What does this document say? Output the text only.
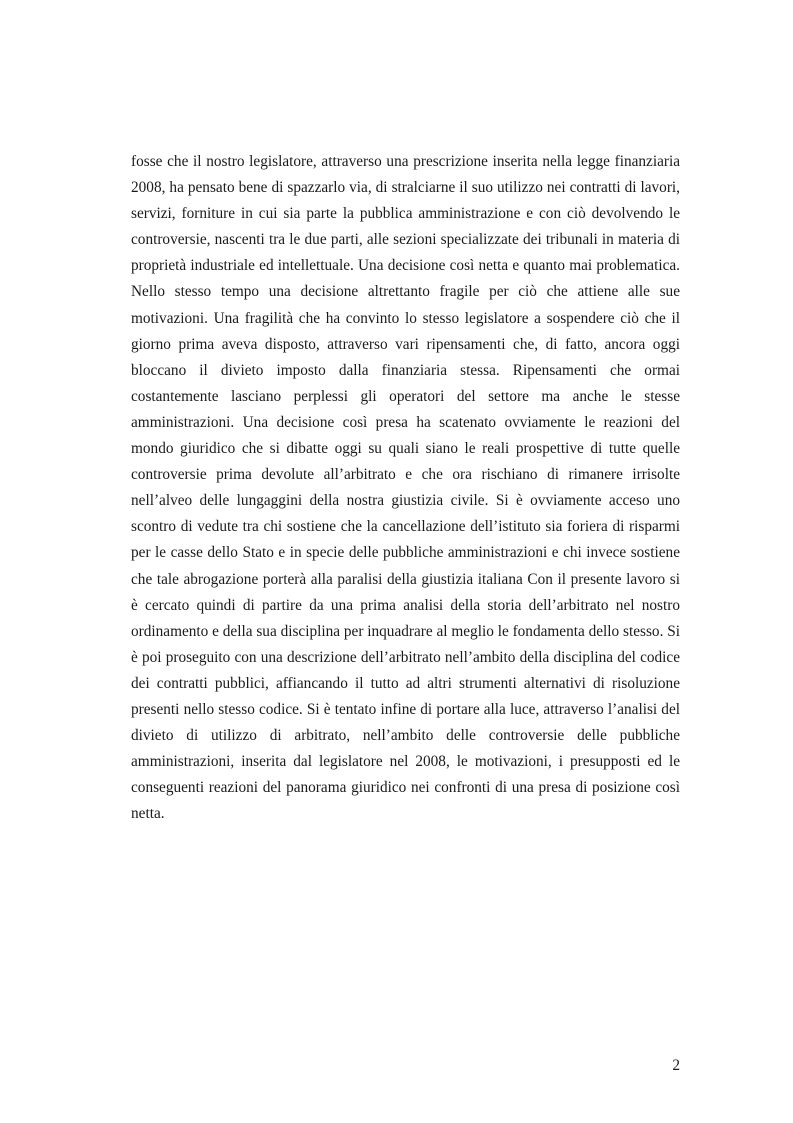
fosse che il nostro legislatore, attraverso una prescrizione inserita nella legge finanziaria 2008, ha pensato bene di spazzarlo via, di stralciarne il suo utilizzo nei contratti di lavori, servizi, forniture in cui sia parte la pubblica amministrazione e con ciò devolvendo le controversie, nascenti tra le due parti, alle sezioni specializzate dei tribunali in materia di proprietà industriale ed intellettuale. Una decisione così netta e quanto mai problematica. Nello stesso tempo una decisione altrettanto fragile per ciò che attiene alle sue motivazioni. Una fragilità che ha convinto lo stesso legislatore a sospendere ciò che il giorno prima aveva disposto, attraverso vari ripensamenti che, di fatto, ancora oggi bloccano il divieto imposto dalla finanziaria stessa. Ripensamenti che ormai costantemente lasciano perplessi gli operatori del settore ma anche le stesse amministrazioni. Una decisione così presa ha scatenato ovviamente le reazioni del mondo giuridico che si dibatte oggi su quali siano le reali prospettive di tutte quelle controversie prima devolute all’arbitrato e che ora rischiano di rimanere irrisolte nell’alveo delle lungaggini della nostra giustizia civile. Si è ovviamente acceso uno scontro di vedute tra chi sostiene che la cancellazione dell’istituto sia foriera di risparmi per le casse dello Stato e in specie delle pubbliche amministrazioni e chi invece sostiene che tale abrogazione porterà alla paralisi della giustizia italiana Con il presente lavoro si è cercato quindi di partire da una prima analisi della storia dell’arbitrato nel nostro ordinamento e della sua disciplina per inquadrare al meglio le fondamenta dello stesso. Si è poi proseguito con una descrizione dell’arbitrato nell’ambito della disciplina del codice dei contratti pubblici, affiancando il tutto ad altri strumenti alternativi di risoluzione presenti nello stesso codice. Si è tentato infine di portare alla luce, attraverso l’analisi del divieto di utilizzo di arbitrato, nell’ambito delle controversie delle pubbliche amministrazioni, inserita dal legislatore nel 2008, le motivazioni, i presupposti ed le conseguenti reazioni del panorama giuridico nei confronti di una presa di posizione così netta.

2
